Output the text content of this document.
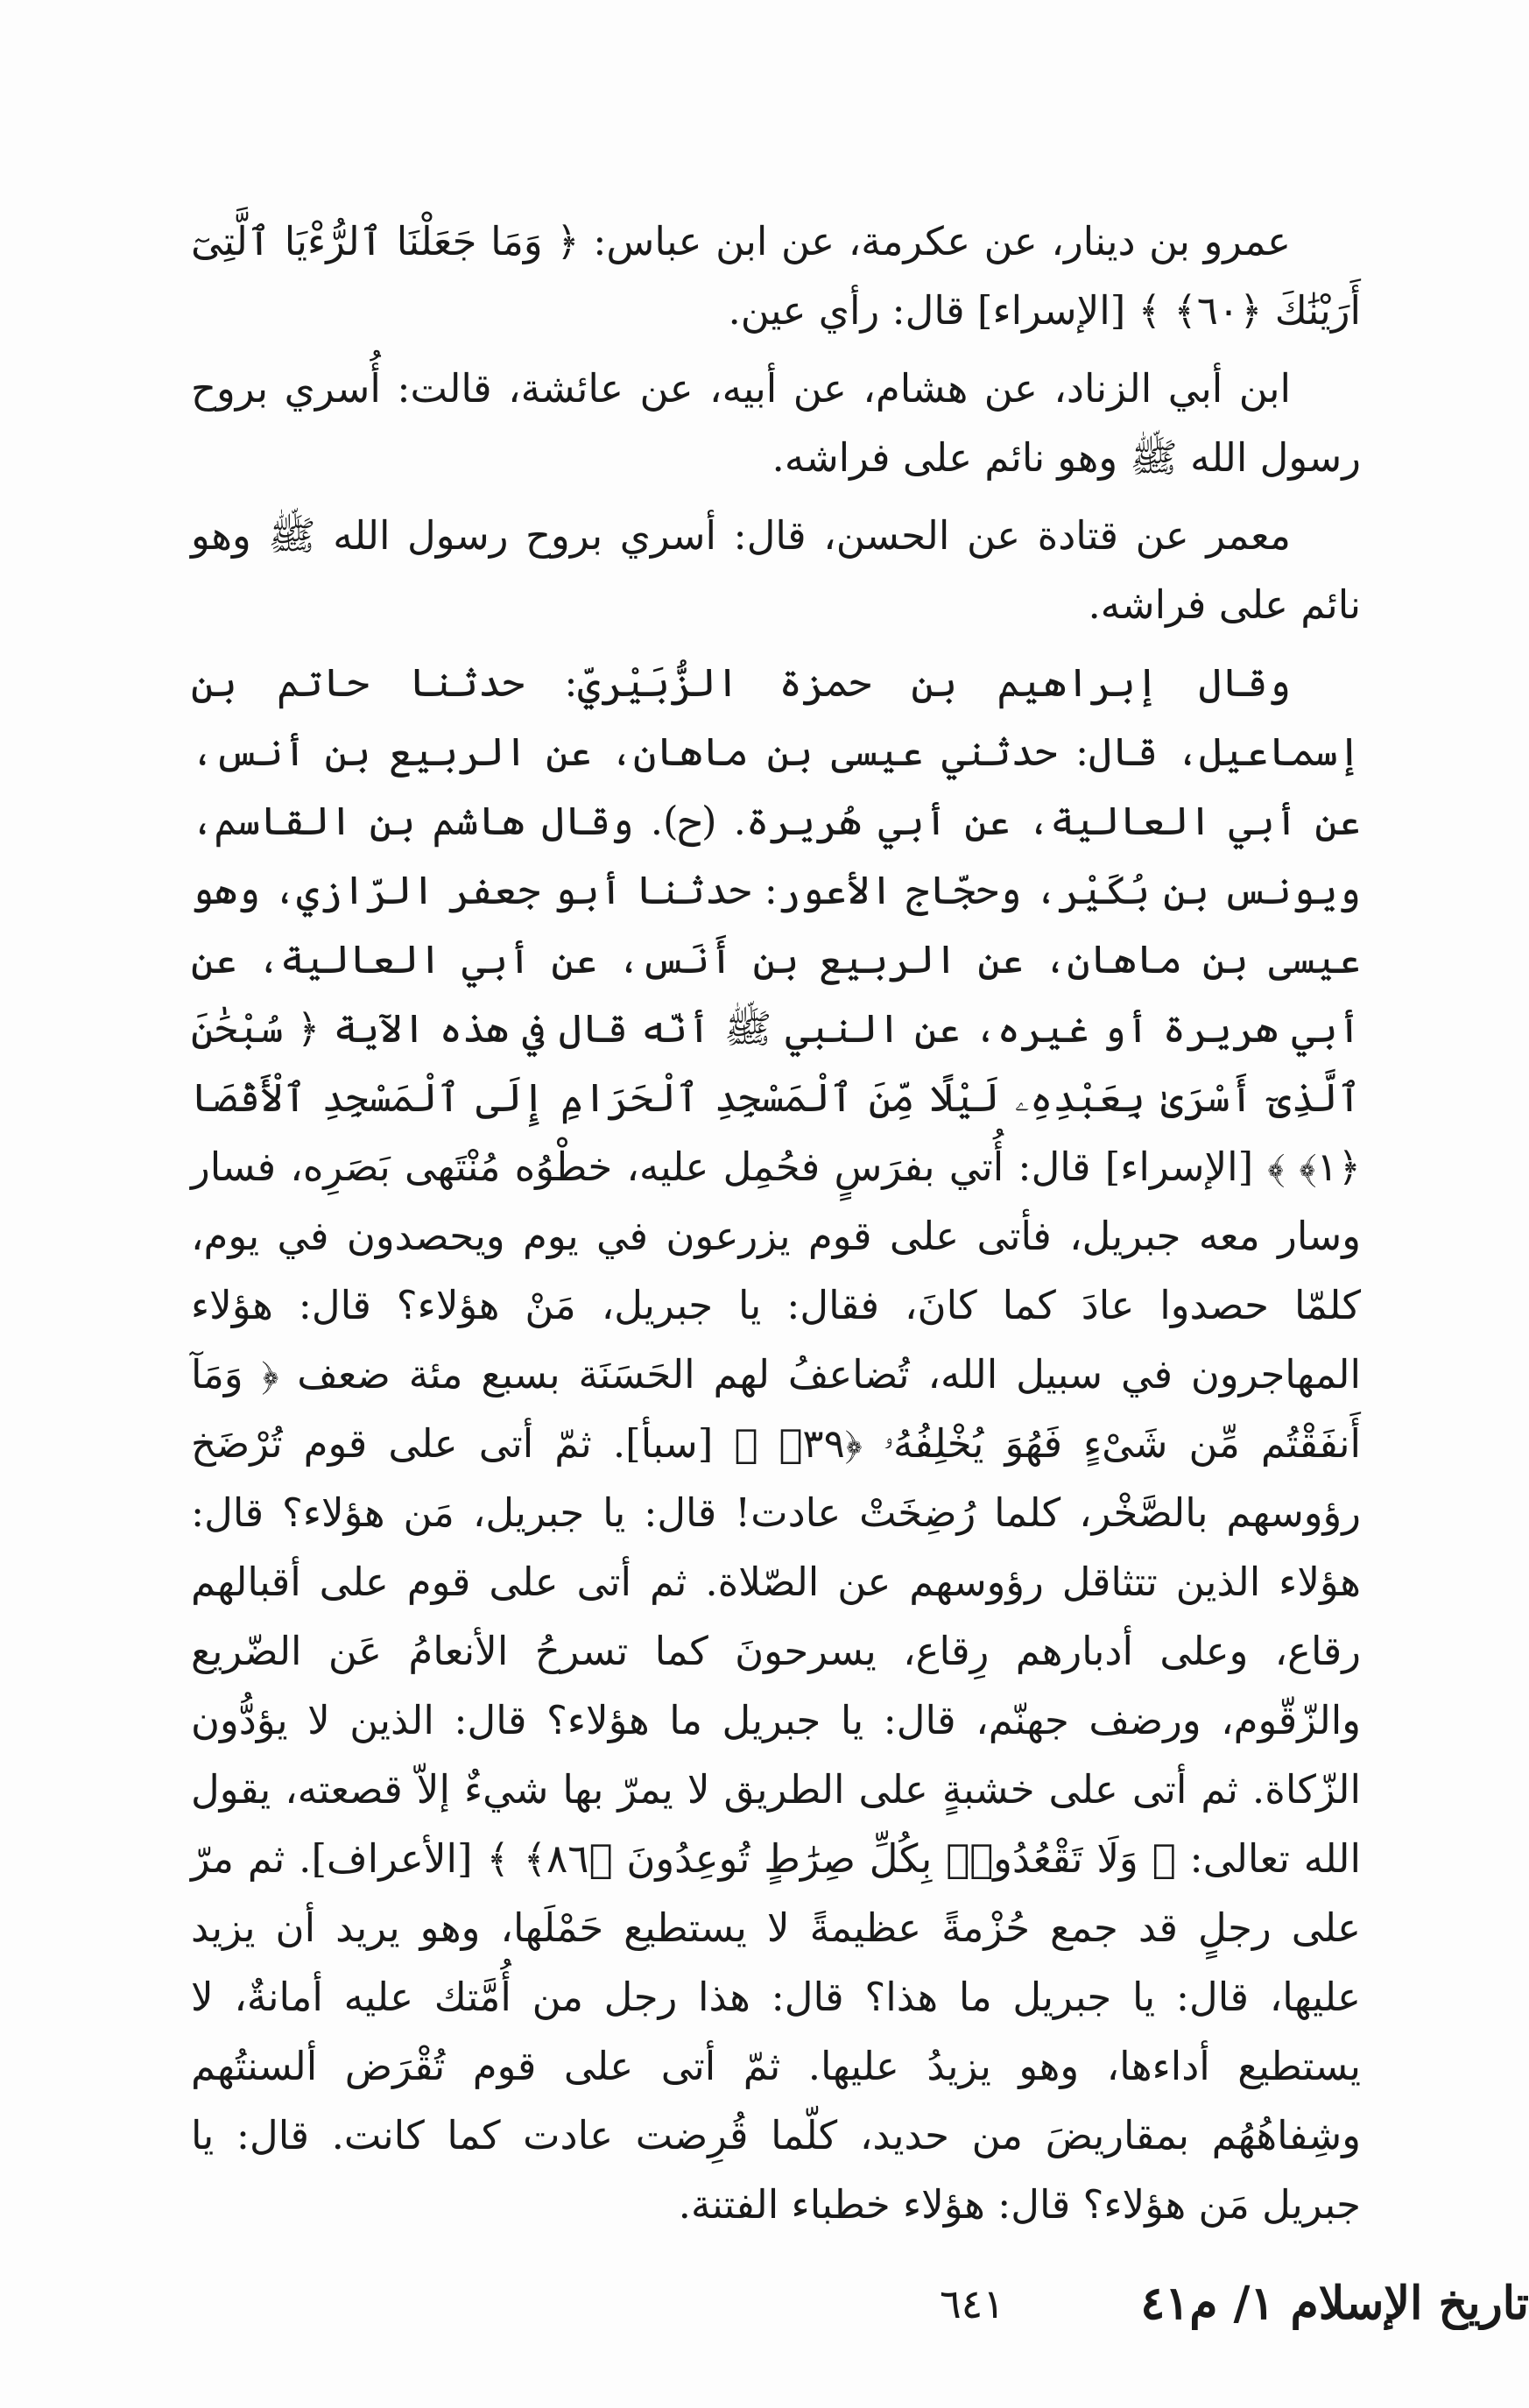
عمرو بن دينار، عن عكرمة، عن ابن عباس: ﴿ وَمَا جَعَلْنَا ٱلرُّءْيَا ٱلَّتِىٓ أَرَيْنَٰكَ ﴿٦٠﴾ ﴾ [الإسراء] قال: رأي عين.

ابن أبي الزناد، عن هشام، عن أبيه، عن عائشة، قالت: أُسري بروح رسول الله ﷺ وهو نائم على فراشه.

معمر عن قتادة عن الحسن، قال: أسري بروح رسول الله ﷺ وهو نائم على فراشه.

وقال إبراهيم بن حمزة الزُّبَيْريّ: حدثنا حاتم بن إسماعيل، قال: حدثني عيسى بن ماهان، عن الربيع بن أنس، عن أبي العالية، عن أبي هُريرة. (ح). وقال هاشم بن القاسم، ويونس بن بُكَيْر، وحجّاج الأعور: حدثنا أبو جعفر الرّازي، وهو عيسى بن ماهان، عن الربيع بن أَنَس، عن أبي العالية، عن أبي هريرة أو غيره، عن النبي ﷺ أنّه قال في هذه الآية ﴿ سُبْحَٰنَ ٱلَّذِىٓ أَسْرَىٰ بِعَبْدِهِۦ لَيْلًا مِّنَ ٱلْمَسْجِدِ ٱلْحَرَامِ إِلَى ٱلْمَسْجِدِ ٱلْأَقْصَا ﴿١﴾ ﴾ [الإسراء] قال: أُتي بفرَسٍ فحُمِل عليه، خطْوُه مُنْتَهى بَصَرِه، فسار وسار معه جبريل، فأتى على قوم يزرعون في يوم ويحصدون في يوم، كلمّا حصدوا عادَ كما كانَ، فقال: يا جبريل، مَنْ هؤلاء؟ قال: هؤلاء المهاجرون في سبيل الله، تُضاعفُ لهم الحَسَنَة بسبع مئة ضعف ﴿ وَمَآ أَنفَقْتُم مِّن شَىْءٍ فَهُوَ يُخْلِفُهُۥ ﴿٣٩﴾ ﴾ [سبأ]. ثمّ أتى على قوم تُرْضَخ رؤوسهم بالصَّخْر، كلما رُضِخَتْ عادت! قال: يا جبريل، مَن هؤلاء؟ قال: هؤلاء الذين تتثاقل رؤوسهم عن الصّلاة. ثم أتى على قوم على أقبالهم رقاع، وعلى أدبارهم رِقاع، يسرحونَ كما تسرحُ الأنعامُ عَن الضّريع والزّقّوم، ورضف جهنّم، قال: يا جبريل ما هؤلاء؟ قال: الذين لا يؤدُّون الزّكاة. ثم أتى على خشبةٍ على الطريق لا يمرّ بها شيءٌ إلاّ قصعته، يقول الله تعالى: ﴿ وَلَا تَقْعُدُوا۟ بِكُلِّ صِرَٰطٍ تُوعِدُونَ ﴿٨٦﴾ ﴾ [الأعراف]. ثم مرّ على رجلٍ قد جمع حُزْمةً عظيمةً لا يستطيع حَمْلَها، وهو يريد أن يزيد عليها، قال: يا جبريل ما هذا؟ قال: هذا رجل من أُمَّتك عليه أمانةٌ، لا يستطيع أداءها، وهو يزيدُ عليها. ثمّ أتى على قوم تُقْرَض ألسنتُهم وشِفاهُهُم بمقاريضَ من حديد، كلّما قُرِضت عادت كما كانت. قال: يا جبريل مَن هؤلاء؟ قال: هؤلاء خطباء الفتنة.

٦٤١	تاريخ الإسلام ١/ م٤١
